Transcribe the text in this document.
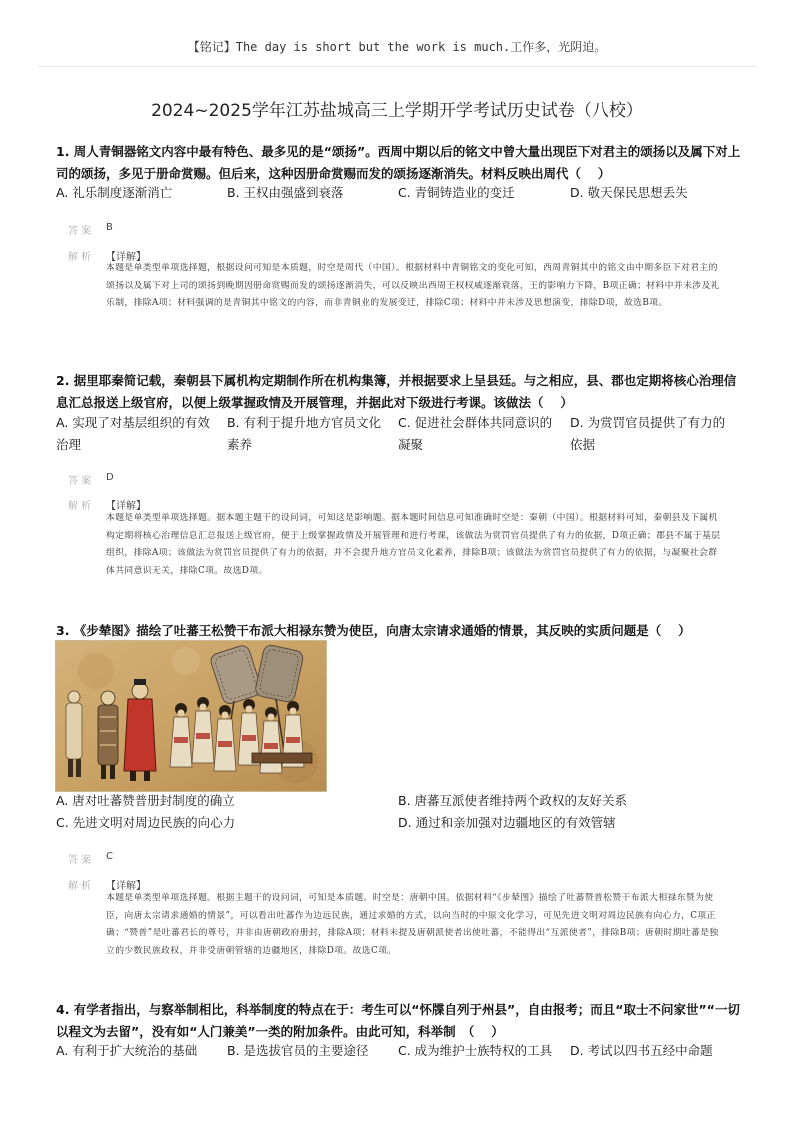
【铭记】The day is short but the work is much.工作多，光阴迫。
2024~2025学年江苏盐城高三上学期开学考试历史试卷（八校）
1. 周人青铜器铭文内容中最有特色、最多见的是“颂扬”。西周中期以后的铭文中曾大量出现臣下对君主的颂扬以及属下对上司的颂扬，多见于册命赏赐。但后来，这种因册命赏赐而发的颂扬逐渐消失。材料反映出周代（　 ）
A. 礼乐制度逐渐消亡	B. 王权由强盛到衰落	C. 青铜铸造业的变迁	D. 敬天保民思想丢失
答 案 B
解 析 【详解】
本题是单类型单项选择题，根据设问可知是本质题，时空是周代（中国）。根据材料中青铜铭文的变化可知，西周青铜其中的铭文由中期多臣下对君主的颂扬以及属下对上司的颂扬到晚期因册命赏赐而发的颂扬逐渐消失，可以反映出西周王权权威逐渐衰落，王的影响力下降，B项正确；材料中并未涉及礼乐制，排除A项；材料强调的是青铜其中铭文的内容，而非青铜业的发展变迁，排除C项；材料中并未涉及思想演变，排除D项，故选B项。
2. 据里耶秦简记载，秦朝县下属机构定期制作所在机构集簿，并根据要求上呈县廷。与之相应，县、郡也定期将核心治理信息汇总报送上级官府，以便上级掌握政情及开展管理，并据此对下级进行考课。该做法（　 ）
A. 实现了对基层组织的有效治理
B. 有利于提升地方官员文化素养
C. 促进社会群体共同意识的凝聚
D. 为赏罚官员提供了有力的依据
答 案 D
解 析 【详解】
本题是单类型单项选择题。据本题主题干的设问词，可知这是影响题。据本题时间信息可知准确时空是：秦朝（中国）。根据材料可知，秦朝县及下属机构定期将核心治理信息汇总报送上级官府，便于上级掌握政情及开展管理和进行考课，该做法为赏罚官员提供了有力的依据，D项正确；郡县不属于基层组织，排除A项；该做法为赏罚官员提供了有力的依据，并不会提升地方官员文化素养，排除B项；该做法为赏罚官员提供了有力的依据，与凝聚社会群体共同意识无关，排除C项。故选D项。
3. 《步辇图》描绘了吐蕃王松赞干布派大相禄东赞为使臣，向唐太宗请求通婚的情景，其反映的实质问题是（　 ）
A. 唐对吐蕃赞普册封制度的确立	B. 唐蕃互派使者维持两个政权的友好关系
C. 先进文明对周边民族的向心力	D. 通过和亲加强对边疆地区的有效管辖
答 案 C
解 析 【详解】
本题是单类型单项选择题。根据主题干的设问词，可知是本质题。时空是：唐朝中国。依据材料“《步辇图》描绘了吐蕃赞普松赞干布派大相禄东赞为使臣，向唐太宗请求通婚的情景”，可以看出吐蕃作为边远民族，通过求婚的方式，以向当时的中原文化学习，可见先进文明对周边民族有向心力，C项正确；“赞普”是吐蕃君长的尊号，并非由唐朝政府册封，排除A项；材料未提及唐朝派使者出使吐蕃，不能得出“互派使者”，排除B项；唐朝时期吐蕃是独立的少数民族政权，并非受唐朝管辖的边疆地区，排除D项。故选C项。
4. 有学者指出，与察举制相比，科举制度的特点在于：考生可以“怀牒自列于州县”，自由报考；而且“取士不问家世”“一切以程文为去留”，没有如“人门兼美”一类的附加条件。由此可知，科举制　（　 ）
A. 有利于扩大统治的基础 B. 是选拔官员的主要途径 C. 成为维护士族特权的工具 D. 考试以四书五经中命题
